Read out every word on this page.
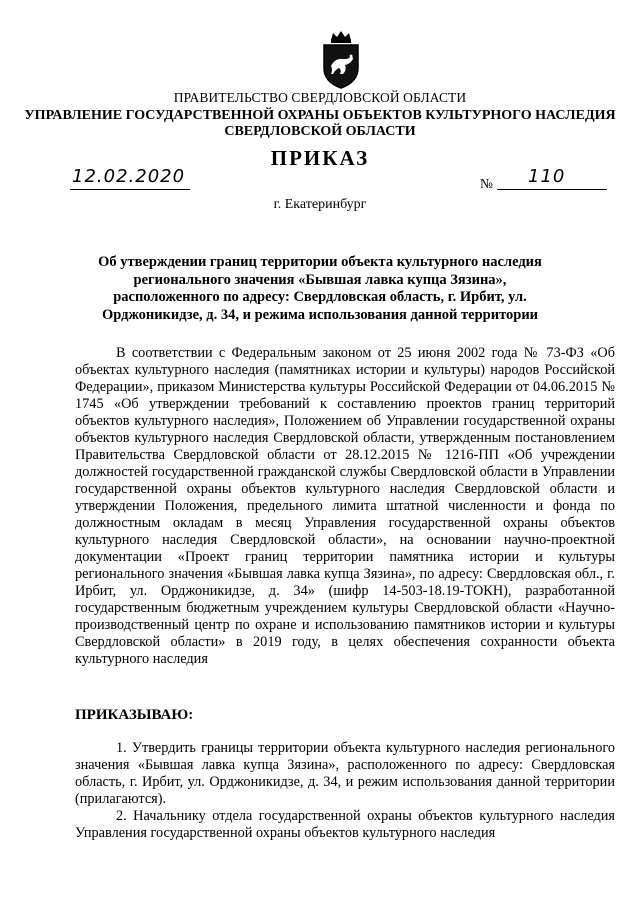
ПРАВИТЕЛЬСТВО СВЕРДЛОВСКОЙ ОБЛАСТИ
УПРАВЛЕНИЕ ГОСУДАРСТВЕННОЙ ОХРАНЫ ОБЪЕКТОВ КУЛЬТУРНОГО НАСЛЕДИЯ
СВЕРДЛОВСКОЙ ОБЛАСТИ
ПРИКАЗ
12.02.2020	№ 110
г. Екатеринбург
Об утверждении границ территории объекта культурного наследия регионального значения «Бывшая лавка купца Зязина», расположенного по адресу: Свердловская область, г. Ирбит, ул. Орджоникидзе, д. 34, и режима использования данной территории
В соответствии с Федеральным законом от 25 июня 2002 года № 73-ФЗ «Об объектах культурного наследия (памятниках истории и культуры) народов Российской Федерации», приказом Министерства культуры Российской Федерации от 04.06.2015 № 1745 «Об утверждении требований к составлению проектов границ территорий объектов культурного наследия», Положением об Управлении государственной охраны объектов культурного наследия Свердловской области, утвержденным постановлением Правительства Свердловской области от 28.12.2015 № 1216-ПП «Об учреждении должностей государственной гражданской службы Свердловской области в Управлении государственной охраны объектов культурного наследия Свердловской области и утверждении Положения, предельного лимита штатной численности и фонда по должностным окладам в месяц Управления государственной охраны объектов культурного наследия Свердловской области», на основании научно-проектной документации «Проект границ территории памятника истории и культуры регионального значения «Бывшая лавка купца Зязина», по адресу: Свердловская обл., г. Ирбит, ул. Орджоникидзе, д. 34» (шифр 14-503-18.19-ТОКН), разработанной государственным бюджетным учреждением культуры Свердловской области «Научно-производственный центр по охране и использованию памятников истории и культуры Свердловской области» в 2019 году, в целях обеспечения сохранности объекта культурного наследия
ПРИКАЗЫВАЮ:
1. Утвердить границы территории объекта культурного наследия регионального значения «Бывшая лавка купца Зязина», расположенного по адресу: Свердловская область, г. Ирбит, ул. Орджоникидзе, д. 34, и режим использования данной территории (прилагаются).
2. Начальнику отдела государственной охраны объектов культурного наследия Управления государственной охраны объектов культурного наследия
